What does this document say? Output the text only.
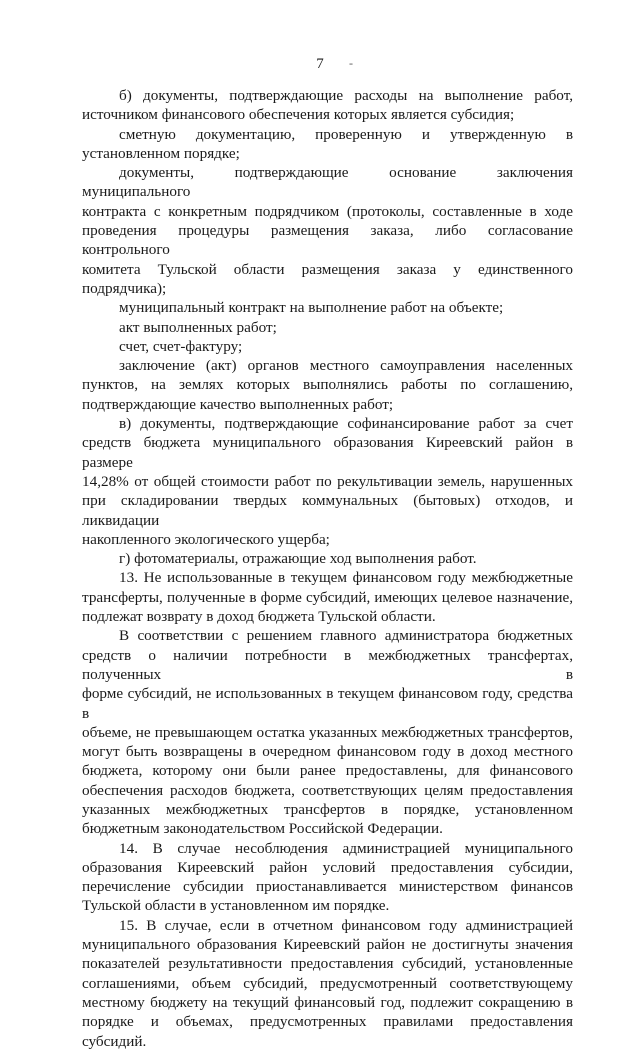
7	-
б) документы, подтверждающие расходы на выполнение работ,
источником финансового обеспечения которых является субсидия;
сметную документацию, проверенную и утвержденную в
установленном порядке;
документы, подтверждающие основание заключения муниципального
контракта с конкретным подрядчиком (протоколы, составленные в ходе
проведения процедуры размещения заказа, либо согласование контрольного
комитета Тульской области размещения заказа у единственного подрядчика);
муниципальный контракт на выполнение работ на объекте;
акт выполненных работ;
счет, счет-фактуру;
заключение (акт) органов местного самоуправления населенных
пунктов, на землях которых выполнялись работы по соглашению,
подтверждающие качество выполненных работ;
в) документы, подтверждающие софинансирование работ за счет
средств бюджета муниципального образования Киреевский район в размере
14,28% от общей стоимости работ по рекультивации земель, нарушенных
при складировании твердых коммунальных (бытовых) отходов, и ликвидации
накопленного экологического ущерба;
г) фотоматериалы, отражающие ход выполнения работ.
13. Не использованные в текущем финансовом году межбюджетные
трансферты, полученные в форме субсидий, имеющих целевое назначение,
подлежат возврату в доход бюджета Тульской области.
В соответствии с решением главного администратора бюджетных
средств о наличии потребности в межбюджетных трансфертах, полученных в
форме субсидий, не использованных в текущем финансовом году, средства в
объеме, не превышающем остатка указанных межбюджетных трансфертов,
могут быть возвращены в очередном финансовом году в доход местного
бюджета, которому они были ранее предоставлены, для финансового
обеспечения расходов бюджета, соответствующих целям предоставления
указанных межбюджетных трансфертов в порядке, установленном
бюджетным законодательством Российской Федерации.
14. В случае несоблюдения администрацией муниципального
образования Киреевский район условий предоставления субсидии,
перечисление субсидии приостанавливается министерством финансов
Тульской области в установленном им порядке.
15. В случае, если в отчетном финансовом году администрацией
муниципального образования Киреевский район не достигнуты значения
показателей результативности предоставления субсидий, установленные
соглашениями, объем субсидий, предусмотренный соответствующему
местному бюджету на текущий финансовый год, подлежит сокращению в
порядке и объемах, предусмотренных правилами предоставления субсидий.
